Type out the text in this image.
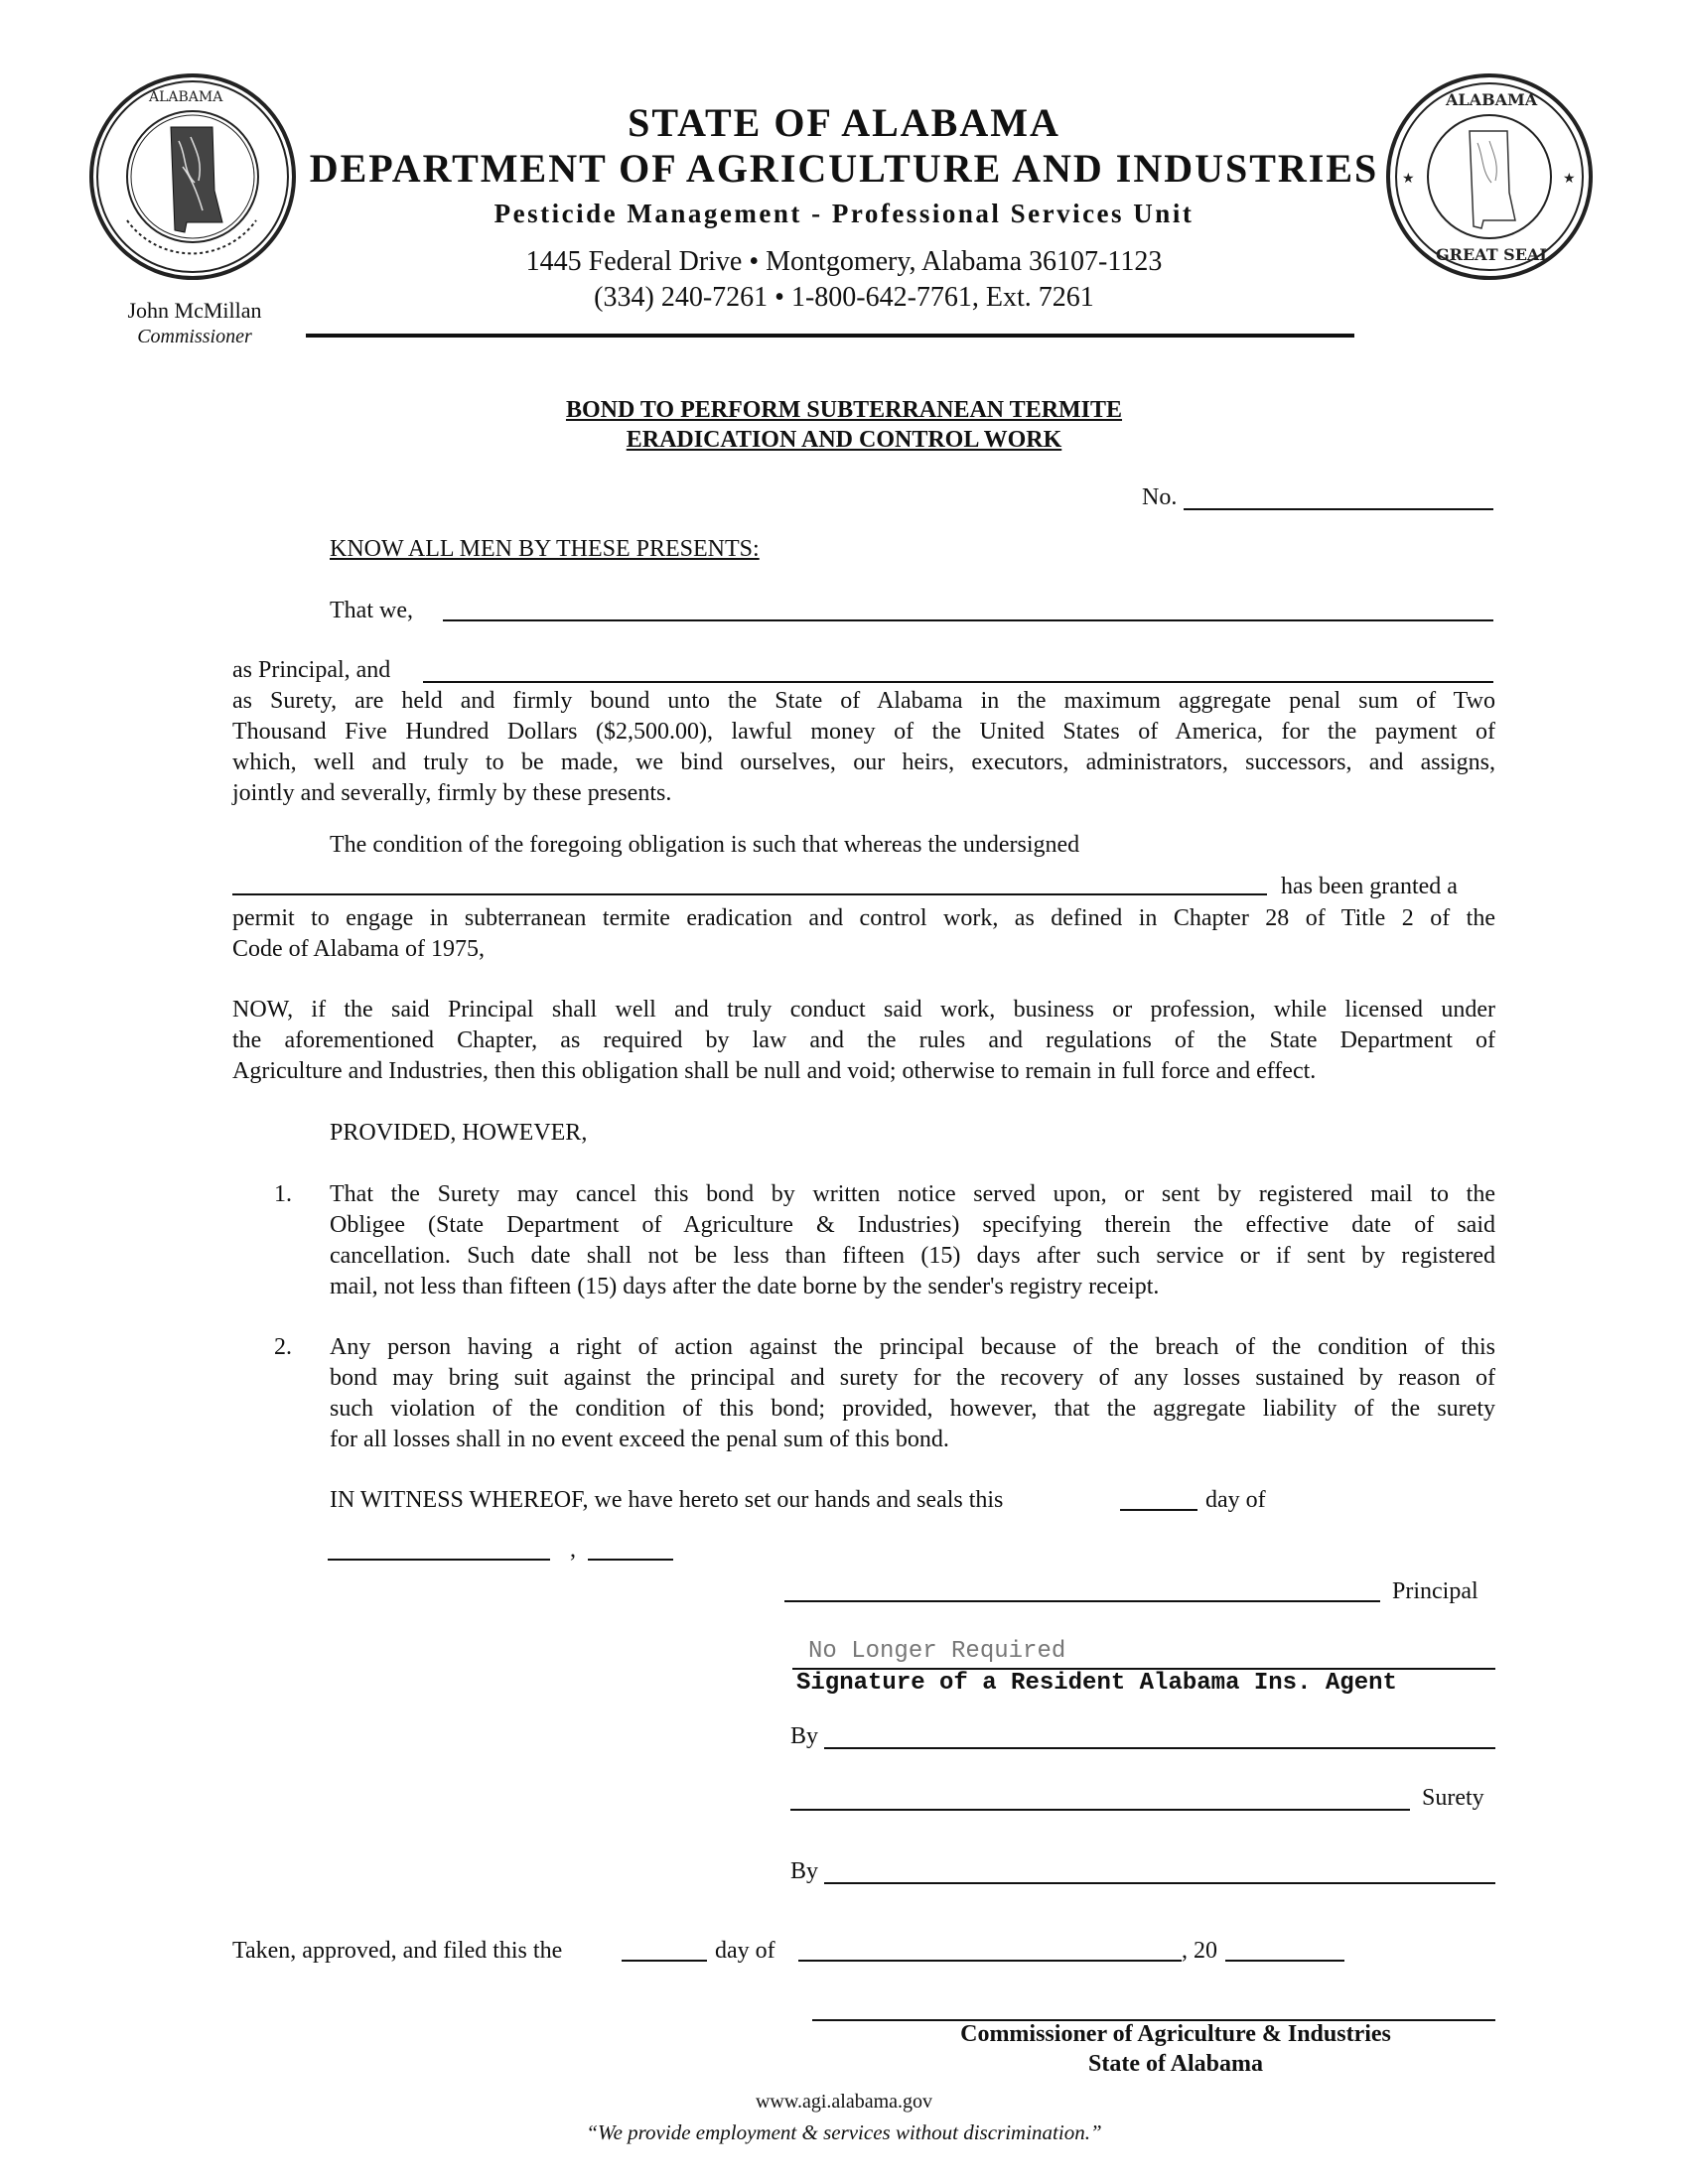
ALABAMA
STATE OF ALABAMA
DEPARTMENT OF AGRICULTURE AND INDUSTRIES
Pesticide Management - Professional Services Unit
1445 Federal Drive • Montgomery, Alabama 36107-1123
(334) 240-7261 • 1-800-642-7761, Ext. 7261
ALABAMA
GREAT SEAL
★	★
John McMillan
Commissioner
BOND TO PERFORM SUBTERRANEAN TERMITE
ERADICATION AND CONTROL WORK
No.
KNOW ALL MEN BY THESE PRESENTS:
That we,
as Principal, and
as Surety, are held and firmly bound unto the State of Alabama in the maximum aggregate penal sum of Two
Thousand Five Hundred Dollars ($2,500.00), lawful money of the United States of America, for the payment of
which, well and truly to be made, we bind ourselves, our heirs, executors, administrators, successors, and assigns,
jointly and severally, firmly by these presents.
The condition of the foregoing obligation is such that whereas the undersigned
has been granted a
permit to engage in subterranean termite eradication and control work, as defined in Chapter 28 of Title 2 of the
Code of Alabama of 1975,
NOW, if the said Principal shall well and truly conduct said work, business or profession, while licensed under
the aforementioned Chapter, as required by law and the rules and regulations of the State Department of
Agriculture and Industries, then this obligation shall be null and void; otherwise to remain in full force and effect.
PROVIDED, HOWEVER,
1. That the Surety may cancel this bond by written notice served upon, or sent by registered mail to the
Obligee (State Department of Agriculture & Industries) specifying therein the effective date of said
cancellation. Such date shall not be less than fifteen (15) days after such service or if sent by registered
mail, not less than fifteen (15) days after the date borne by the sender's registry receipt.
2. Any person having a right of action against the principal because of the breach of the condition of this
bond may bring suit against the principal and surety for the recovery of any losses sustained by reason of
such violation of the condition of this bond; provided, however, that the aggregate liability of the surety
for all losses shall in no event exceed the penal sum of this bond.
IN WITNESS WHEREOF, we have hereto set our hands and seals this	day of
,
Principal
No Longer Required
Signature of a Resident Alabama Ins. Agent
By
Surety
By
Taken, approved, and filed this the	day of	, 20
Commissioner of Agriculture & Industries
State of Alabama
www.agi.alabama.gov
“We provide employment & services without discrimination.”
